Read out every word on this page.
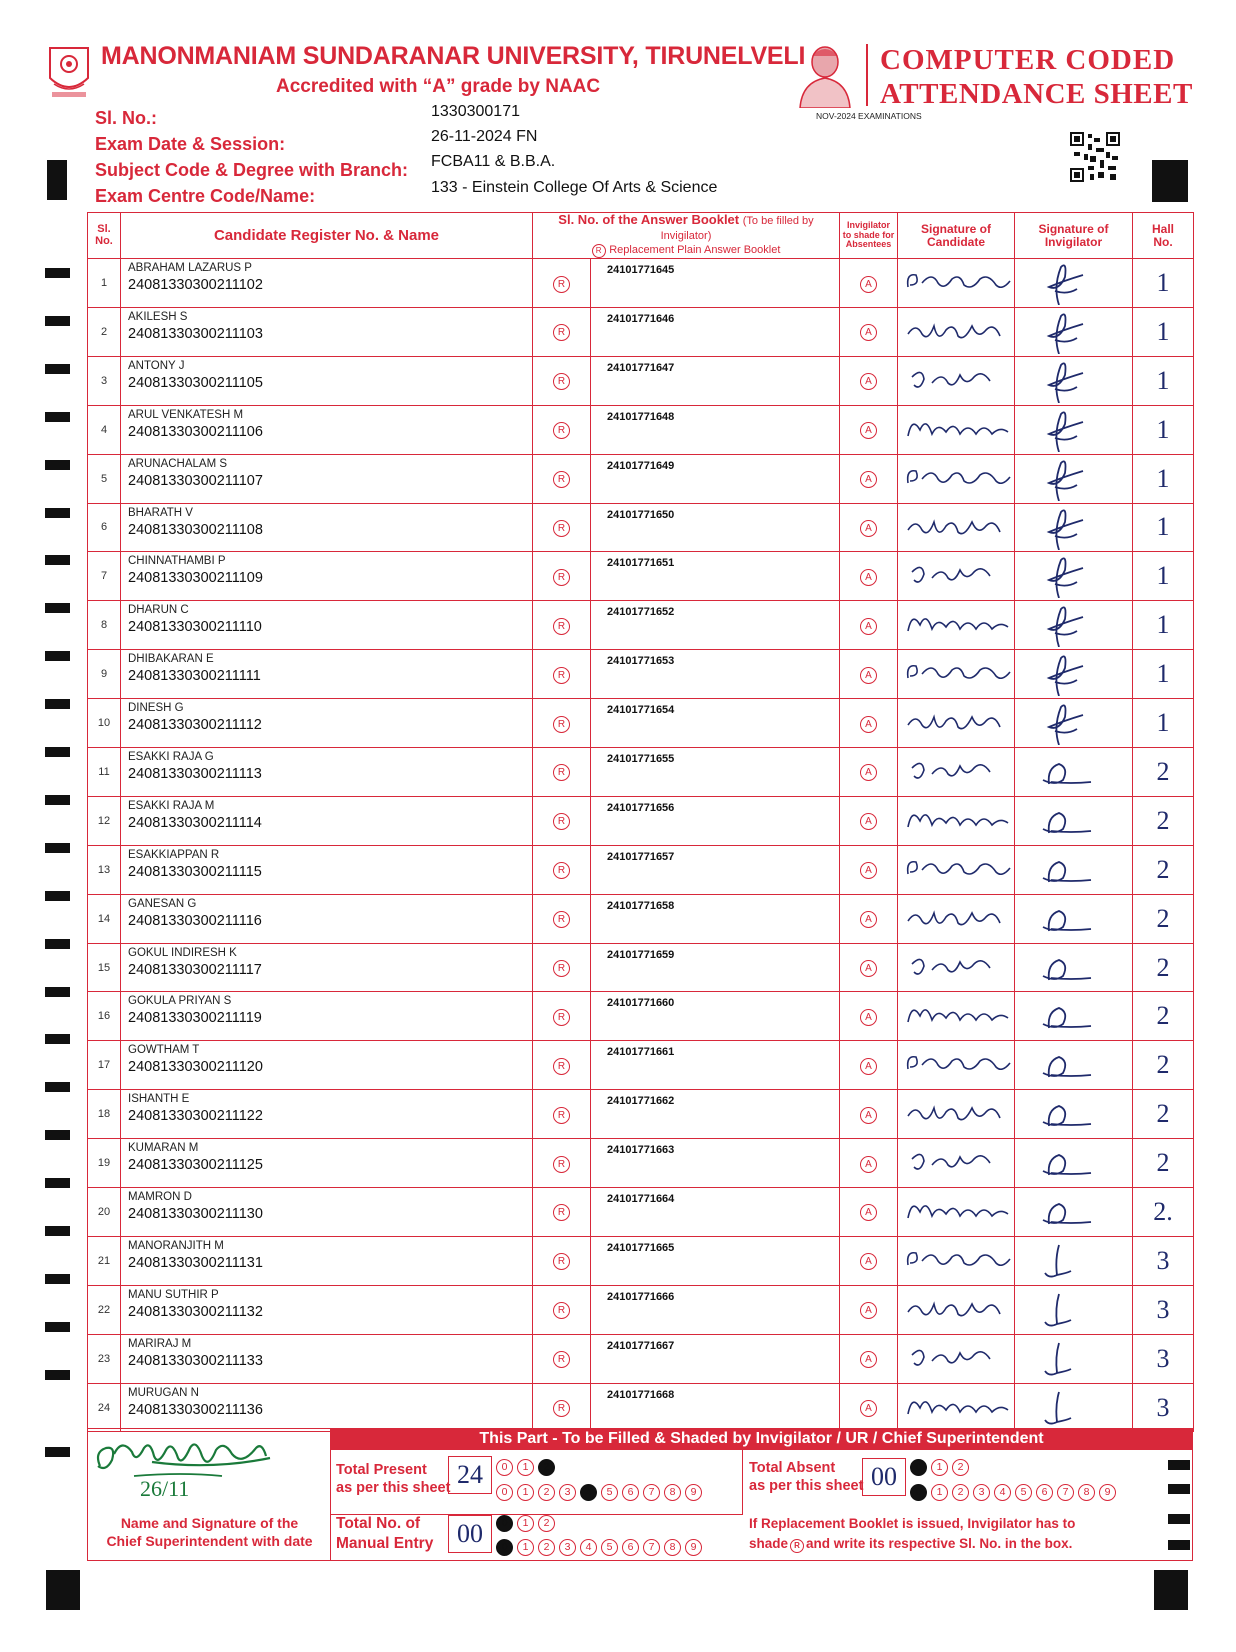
MANONMANIAM SUNDARANAR UNIVERSITY, TIRUNELVELI
Accredited with “A” grade by NAAC
COMPUTER CODED
ATTENDANCE SHEET
NOV-2024 EXAMINATIONS
Sl. No.:	1330300171
Exam Date & Session:	26-11-2024 FN
Subject Code & Degree with Branch: FCBA11 & B.B.A.
Exam Centre Code/Name:	133 - Einstein College Of Arts & Science
Sl.
No.	Candidate Register No. & Name	Sl. No. of the Answer Booklet (To be filled by Invigilator)
R Replacement Plain Answer Booklet		Invigilator
to shade for
Absentees	Signature of
Candidate	Signature of
Invigilator	Hall
No.
1	ABRAHAM LAZARUS P
24081330300211102	R	24101771645	A			1
2	AKILESH S
24081330300211103	R	24101771646	A			1
3	ANTONY J
24081330300211105	R	24101771647	A			1
4	ARUL VENKATESH M
24081330300211106	R	24101771648	A			1
5	ARUNACHALAM S
24081330300211107	R	24101771649	A			1
6	BHARATH V
24081330300211108	R	24101771650	A			1
7	CHINNATHAMBI P
24081330300211109	R	24101771651	A			1
8	DHARUN C
24081330300211110	R	24101771652	A			1
9	DHIBAKARAN E
24081330300211111	R	24101771653	A			1
10	DINESH G
24081330300211112	R	24101771654	A			1
11	ESAKKI RAJA G
24081330300211113	R	24101771655	A			2
12	ESAKKI RAJA M
24081330300211114	R	24101771656	A			2
13	ESAKKIAPPAN R
24081330300211115	R	24101771657	A			2
14	GANESAN G
24081330300211116	R	24101771658	A			2
15	GOKUL INDIRESH K
24081330300211117	R	24101771659	A			2
16	GOKULA PRIYAN S
24081330300211119	R	24101771660	A			2
17	GOWTHAM T
24081330300211120	R	24101771661	A			2
18	ISHANTH E
24081330300211122	R	24101771662	A			2
19	KUMARAN M
24081330300211125	R	24101771663	A			2
20	MAMRON D
24081330300211130	R	24101771664	A			2.
21	MANORANJITH M
24081330300211131	R	24101771665	A			3
22	MANU SUTHIR P
24081330300211132	R	24101771666	A			3
23	MARIRAJ M
24081330300211133	R	24101771667	A			3
24	MURUGAN N
24081330300211136	R	24101771668	A			3
This Part - To be Filled & Shaded by Invigilator / UR / Chief Superintendent
26/11
Name and Signature of the
Chief Superintendent with date
Total Present
as per this sheet 24	0 1 2
0 1 2 3 4 5 6 7 8 9
Total Absent
as per this sheet 00	0 1 2
0 1 2 3 4 5 6 7 8 9
Total No. of
Manual Entry 00	0 1 2
0 1 2 3 4 5 6 7 8 9
If Replacement Booklet is issued, Invigilator has to
shade R and write its respective Sl. No. in the box.
